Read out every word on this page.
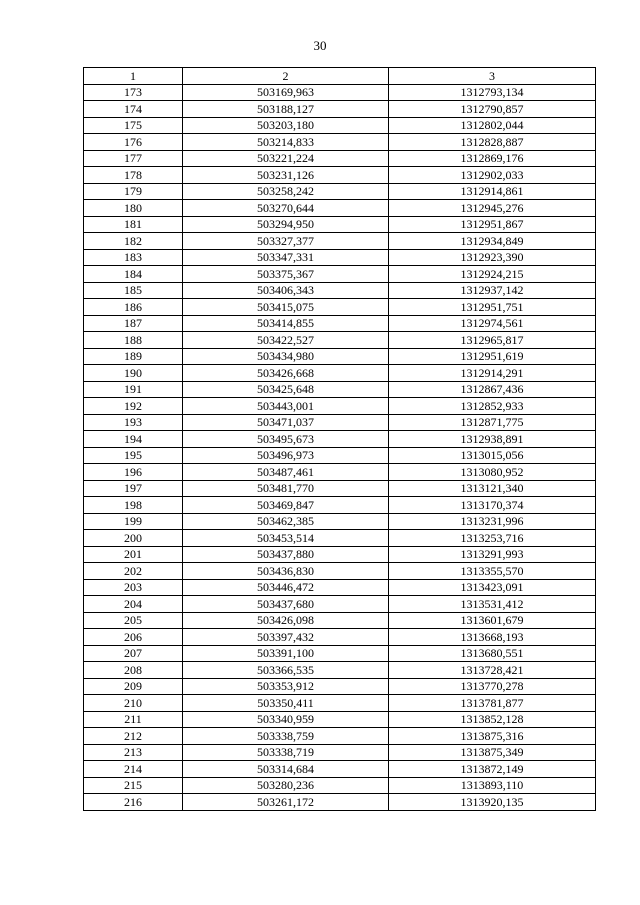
30
1	2	3
173	503169,963	1312793,134
174	503188,127	1312790,857
175	503203,180	1312802,044
176	503214,833	1312828,887
177	503221,224	1312869,176
178	503231,126	1312902,033
179	503258,242	1312914,861
180	503270,644	1312945,276
181	503294,950	1312951,867
182	503327,377	1312934,849
183	503347,331	1312923,390
184	503375,367	1312924,215
185	503406,343	1312937,142
186	503415,075	1312951,751
187	503414,855	1312974,561
188	503422,527	1312965,817
189	503434,980	1312951,619
190	503426,668	1312914,291
191	503425,648	1312867,436
192	503443,001	1312852,933
193	503471,037	1312871,775
194	503495,673	1312938,891
195	503496,973	1313015,056
196	503487,461	1313080,952
197	503481,770	1313121,340
198	503469,847	1313170,374
199	503462,385	1313231,996
200	503453,514	1313253,716
201	503437,880	1313291,993
202	503436,830	1313355,570
203	503446,472	1313423,091
204	503437,680	1313531,412
205	503426,098	1313601,679
206	503397,432	1313668,193
207	503391,100	1313680,551
208	503366,535	1313728,421
209	503353,912	1313770,278
210	503350,411	1313781,877
211	503340,959	1313852,128
212	503338,759	1313875,316
213	503338,719	1313875,349
214	503314,684	1313872,149
215	503280,236	1313893,110
216	503261,172	1313920,135
